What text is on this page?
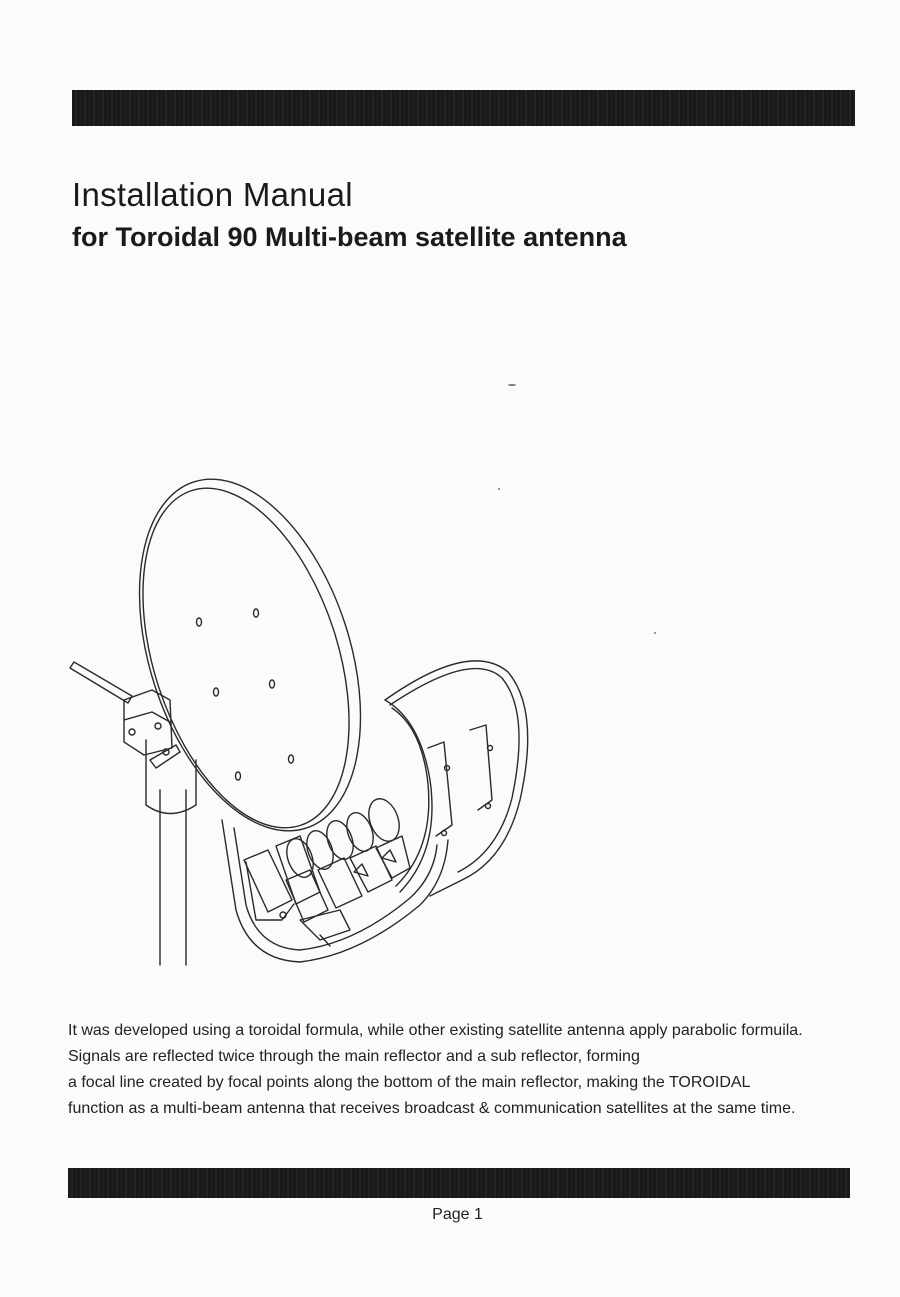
Installation Manual
for Toroidal 90 Multi-beam satellite antenna

It was developed using a toroidal formula, while other existing satellite antenna apply parabolic formuila.

Signals are reflected twice through the main reflector and a sub reflector, forming

a focal line created by focal points along the bottom of the main reflector, making the TOROIDAL

function as a multi-beam antenna that receives broadcast & communication satellites at the same time.

Page 1
